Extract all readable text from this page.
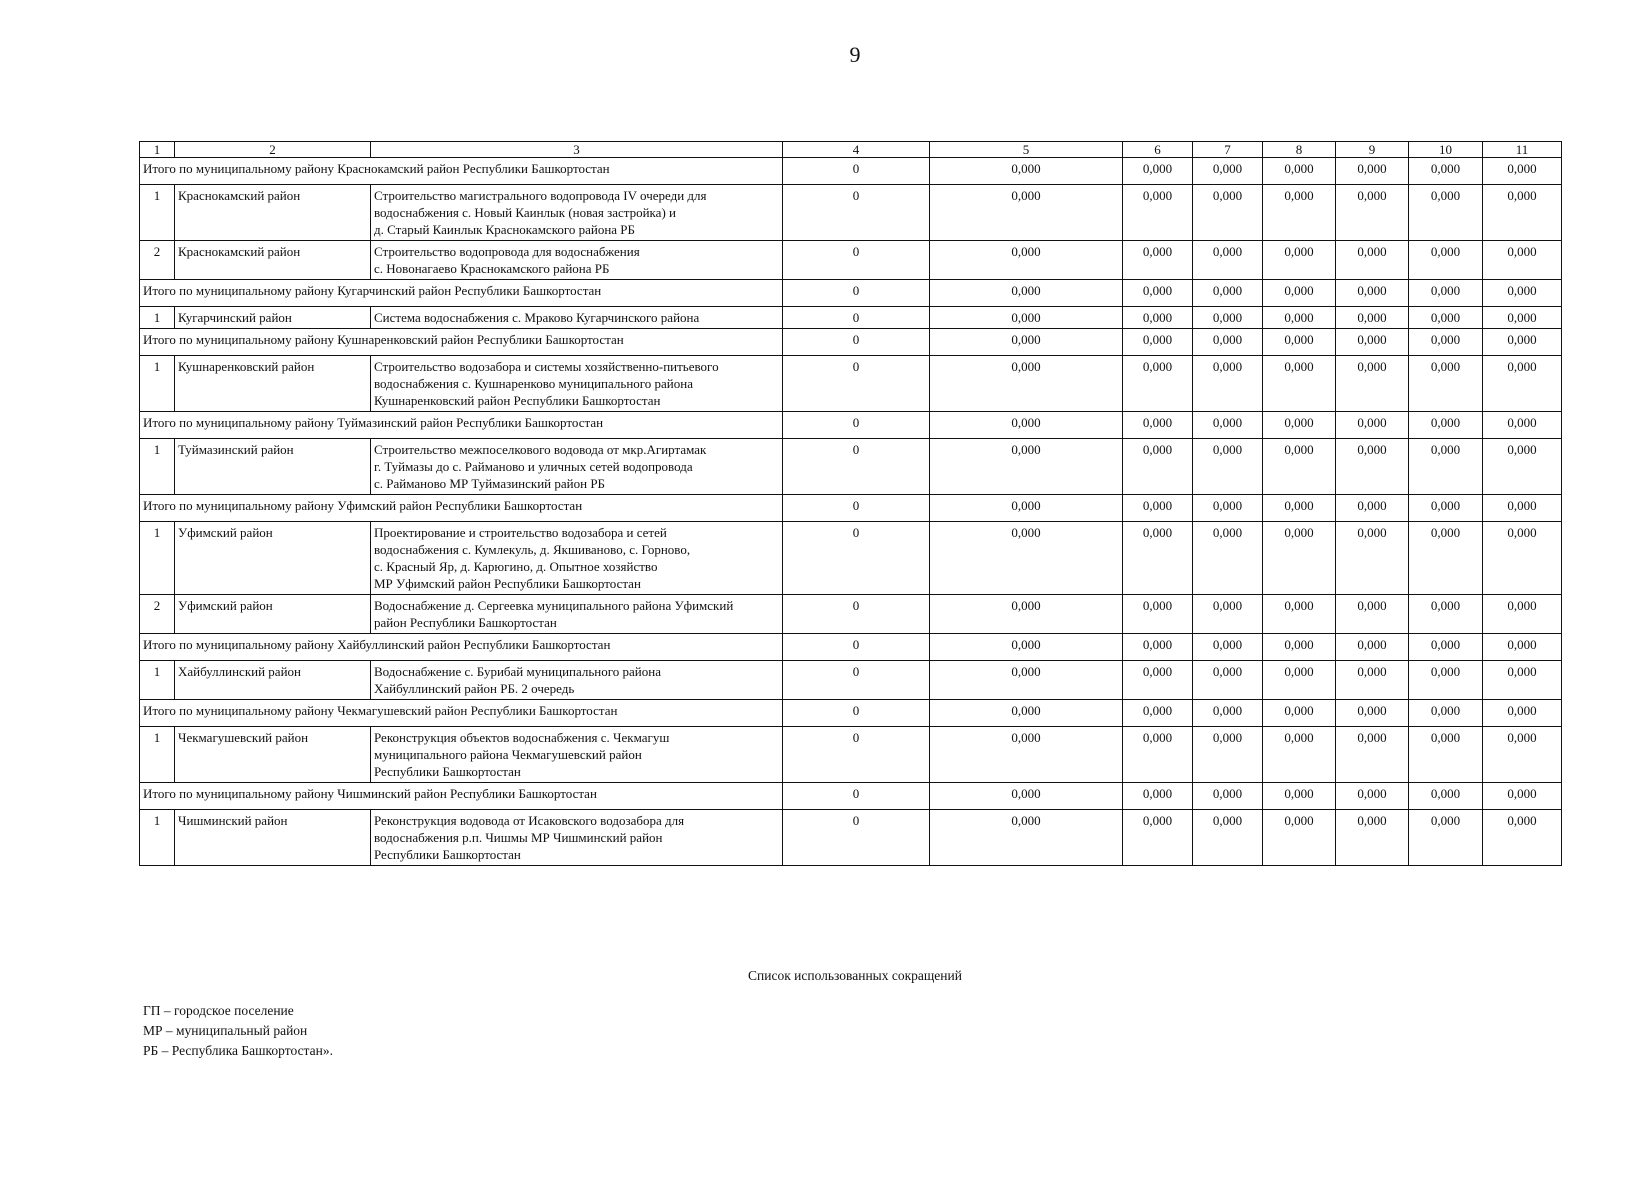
9
1	2	3	4	5	6	7	8	9	10	11
Итого по муниципальному району Краснокамский район Республики Башкортостан			0	0,000	0,000	0,000	0,000	0,000	0,000	0,000
1	Краснокамский район	Строительство магистрального водопровода IV очереди для
водоснабжения с. Новый Каинлык (новая застройка) и
д. Старый Каинлык Краснокамского района РБ	0	0,000	0,000	0,000	0,000	0,000	0,000	0,000
2	Краснокамский район	Строительство водопровода для водоснабжения
с. Новонагаево Краснокамского района РБ	0	0,000	0,000	0,000	0,000	0,000	0,000	0,000
Итого по муниципальному району Кугарчинский район Республики Башкортостан			0	0,000	0,000	0,000	0,000	0,000	0,000	0,000
1	Кугарчинский район	Система водоснабжения с. Мраково Кугарчинского района	0	0,000	0,000	0,000	0,000	0,000	0,000	0,000
Итого по муниципальному району Кушнаренковский район Республики Башкортостан			0	0,000	0,000	0,000	0,000	0,000	0,000	0,000
1	Кушнаренковский район	Строительство водозабора и системы хозяйственно-питьевого
водоснабжения с. Кушнаренково муниципального района
Кушнаренковский район Республики Башкортостан	0	0,000	0,000	0,000	0,000	0,000	0,000	0,000
Итого по муниципальному району Туймазинский район Республики Башкортостан			0	0,000	0,000	0,000	0,000	0,000	0,000	0,000
1	Туймазинский район	Строительство межпоселкового водовода от мкр.Агиртамак
г. Туймазы до с. Райманово и уличных сетей водопровода
с. Райманово МР Туймазинский район РБ	0	0,000	0,000	0,000	0,000	0,000	0,000	0,000
Итого по муниципальному району Уфимский район Республики Башкортостан			0	0,000	0,000	0,000	0,000	0,000	0,000	0,000
1	Уфимский район	Проектирование и строительство водозабора и сетей
водоснабжения с. Кумлекуль, д. Якшиваново, с. Горново,
с. Красный Яр, д. Карюгино, д. Опытное хозяйство
МР Уфимский район Республики Башкортостан	0	0,000	0,000	0,000	0,000	0,000	0,000	0,000
2	Уфимский район	Водоснабжение д. Сергеевка муниципального района Уфимский
район Республики Башкортостан	0	0,000	0,000	0,000	0,000	0,000	0,000	0,000
Итого по муниципальному району Хайбуллинский район Республики Башкортостан			0	0,000	0,000	0,000	0,000	0,000	0,000	0,000
1	Хайбуллинский район	Водоснабжение с. Бурибай муниципального района
Хайбуллинский район РБ. 2 очередь	0	0,000	0,000	0,000	0,000	0,000	0,000	0,000
Итого по муниципальному району Чекмагушевский район Республики Башкортостан			0	0,000	0,000	0,000	0,000	0,000	0,000	0,000
1	Чекмагушевский район	Реконструкция объектов водоснабжения с. Чекмагуш
муниципального района Чекмагушевский район
Республики Башкортостан	0	0,000	0,000	0,000	0,000	0,000	0,000	0,000
Итого по муниципальному району Чишминский район Республики Башкортостан			0	0,000	0,000	0,000	0,000	0,000	0,000	0,000
1	Чишминский район	Реконструкция водовода от Исаковского водозабора для
водоснабжения р.п. Чишмы МР Чишминский район
Республики Башкортостан	0	0,000	0,000	0,000	0,000	0,000	0,000	0,000
Список использованных сокращений
ГП – городское поселение
МР – муниципальный район
РБ – Республика Башкортостан».
